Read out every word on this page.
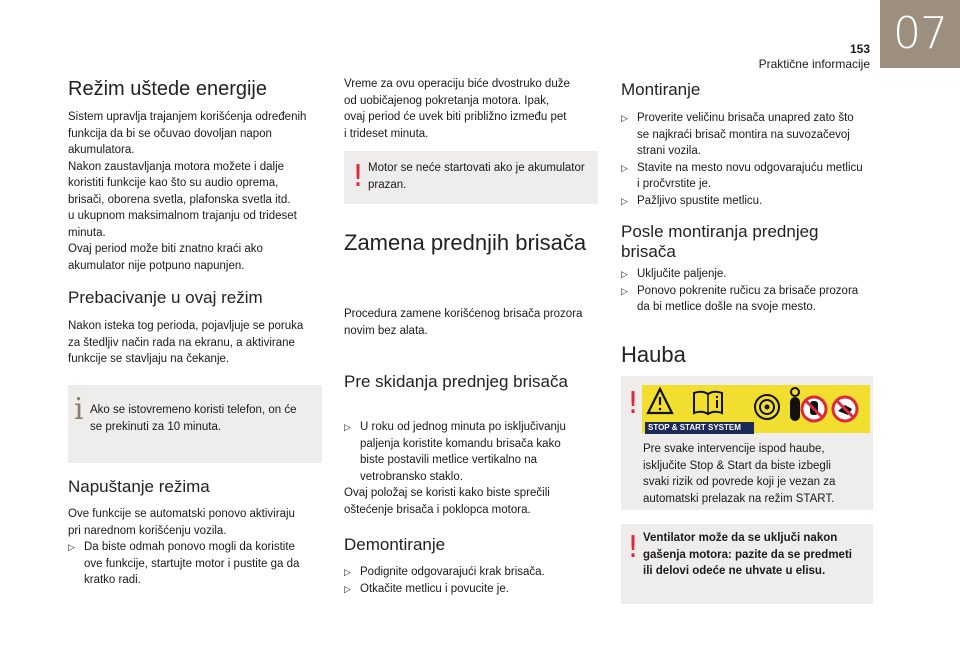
153
Praktične informacije
07
Režim uštede energije
Sistem upravlja trajanjem korišćenja određenih
funkcija da bi se očuvao dovoljan napon
akumulatora.
Nakon zaustavljanja motora možete i dalje
koristiti funkcije kao što su audio oprema,
brisači, oborena svetla, plafonska svetla itd.
u ukupnom maksimalnom trajanju od trideset
minuta.
Ovaj period može biti znatno kraći ako
akumulator nije potpuno napunjen.
Prebacivanje u ovaj režim
Nakon isteka tog perioda, pojavljuje se poruka
za štedljiv način rada na ekranu, a aktivirane
funkcije se stavljaju na čekanje.
i Ako se istovremeno koristi telefon, on će
se prekinuti za 10 minuta.
Napuštanje režima
Ove funkcije se automatski ponovo aktiviraju
pri narednom korišćenju vozila.
▷ Da biste odmah ponovo mogli da koristite
ove funkcije, startujte motor i pustite ga da
kratko radi.
Vreme za ovu operaciju biće dvostruko duže
od uobičajenog pokretanja motora. Ipak,
ovaj period će uvek biti približno između pet
i trideset minuta.
! Motor se neće startovati ako je akumulator
prazan.
Zamena prednjih brisača
Procedura zamene korišćenog brisača prozora
novim bez alata.
Pre skidanja prednjeg brisača
▷ U roku od jednog minuta po isključivanju
paljenja koristite komandu brisača kako
biste postavili metlice vertikalno na
vetrobransko staklo.
Ovaj položaj se koristi kako biste sprečili
oštećenje brisača i poklopca motora.
Demontiranje
▷ Podignite odgovarajući krak brisača.
▷ Otkačite metlicu i povucite je.
Montiranje
▷ Proverite veličinu brisača unapred zato što
se najkraći brisač montira na suvozačevoj
strani vozila.
▷ Stavite na mesto novu odgovarajuću metlicu
i pročvrstite je.
▷ Pažljivo spustite metlicu.
Posle montiranja prednjeg
brisača
▷ Uključite paljenje.
▷ Ponovo pokrenite ručicu za brisače prozora
da bi metlice došle na svoje mesto.
Hauba
!
STOP & START SYSTEM
Pre svake intervencije ispod haube,
isključite Stop & Start da biste izbegli
svaki rizik od povrede koji je vezan za
automatski prelazak na režim START.
! Ventilator može da se uključi nakon
gašenja motora: pazite da se predmeti
ili delovi odeće ne uhvate u elisu.
